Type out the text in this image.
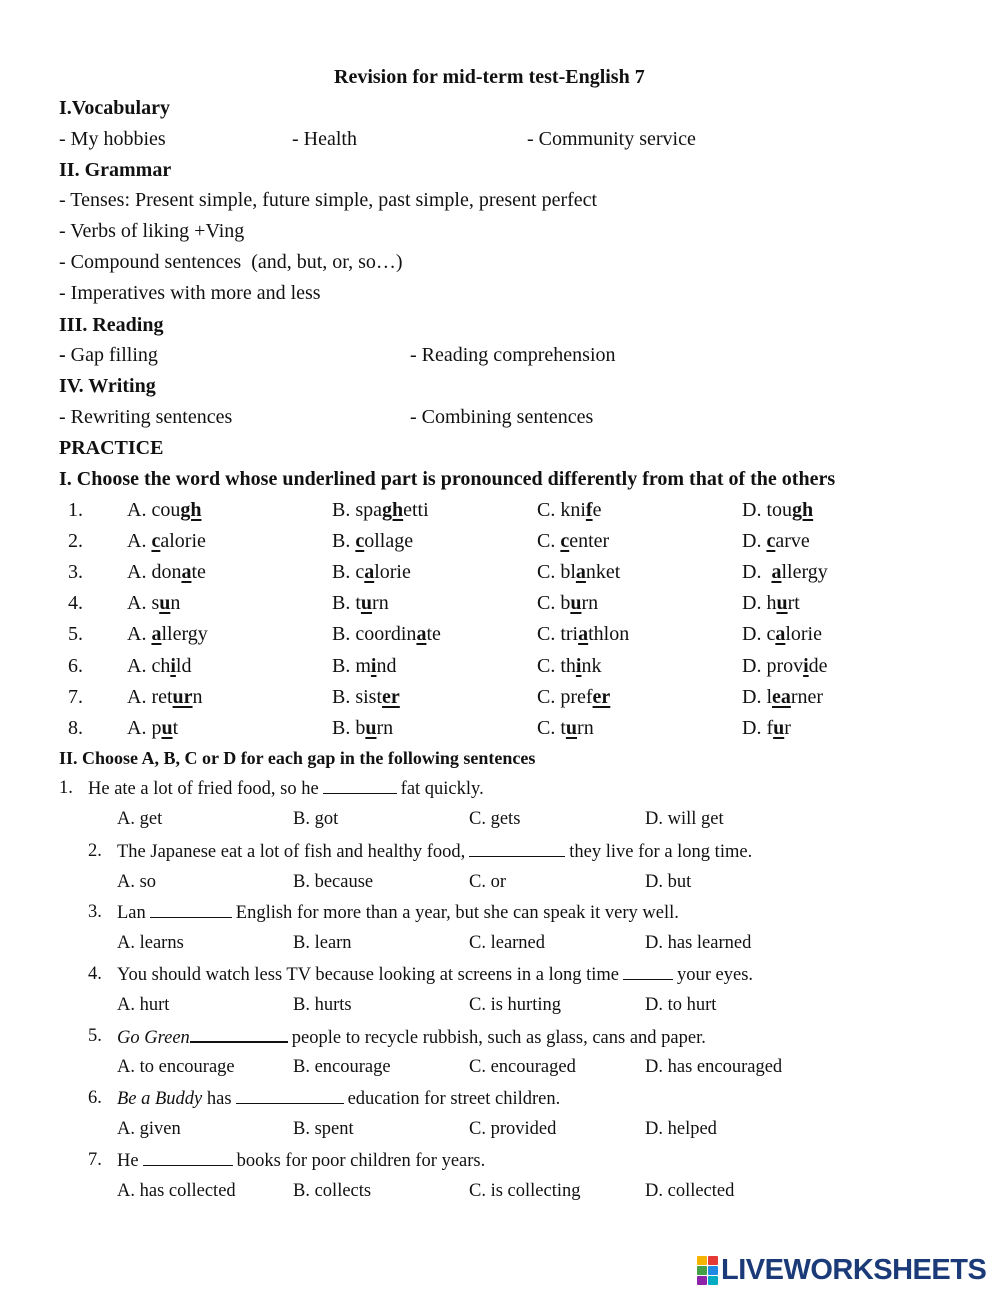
Revision for mid-term test-English 7
I.Vocabulary
- My hobbies	- Health	- Community service
II. Grammar
- Tenses: Present simple, future simple, past simple, present perfect
- Verbs of liking +Ving
- Compound sentences  (and, but, or, so…)
- Imperatives with more and less
III. Reading
- Gap filling	- Reading comprehension
IV. Writing
- Rewriting sentences	- Combining sentences
PRACTICE
I. Choose the word whose underlined part is pronounced differently from that of the others
1. A. cough	B. spaghetti	C. knife	D. tough
2. A. calorie	B. collage	C. center	D. carve
3. A. donate	B. calorie	C. blanket	D.  allergy
4. A. sun	B. turn	C. burn	D. hurt
5. A. allergy	B. coordinate	C. triathlon	D. calorie
6. A. child	B. mind	C. think	D. provide
7. A. return	B. sister	C. prefer	D. learner
8. A. put	B. burn	C. turn	D. fur
II. Choose A, B, C or D for each gap in the following sentences
1. He ate a lot of fried food, so he	fat quickly.
A. get	B. got	C. gets	D. will get
2. The Japanese eat a lot of fish and healthy food,	they live for a long time.
A. so	B. because	C. or	D. but
3. Lan	English for more than a year, but she can speak it very well.
A. learns	B. learn	C. learned	D. has learned
4. You should watch less TV because looking at screens in a long time	your eyes.
A. hurt	B. hurts	C. is hurting	D. to hurt
5. Go Green	people to recycle rubbish, such as glass, cans and paper.
A. to encourage	B. encourage	C. encouraged	D. has encouraged
6. Be a Buddy has	education for street children.
A. given	B. spent	C. provided	D. helped
7. He	books for poor children for years.
A. has collected	B. collects	C. is collecting	D. collected
LIVEWORKSHEETS
